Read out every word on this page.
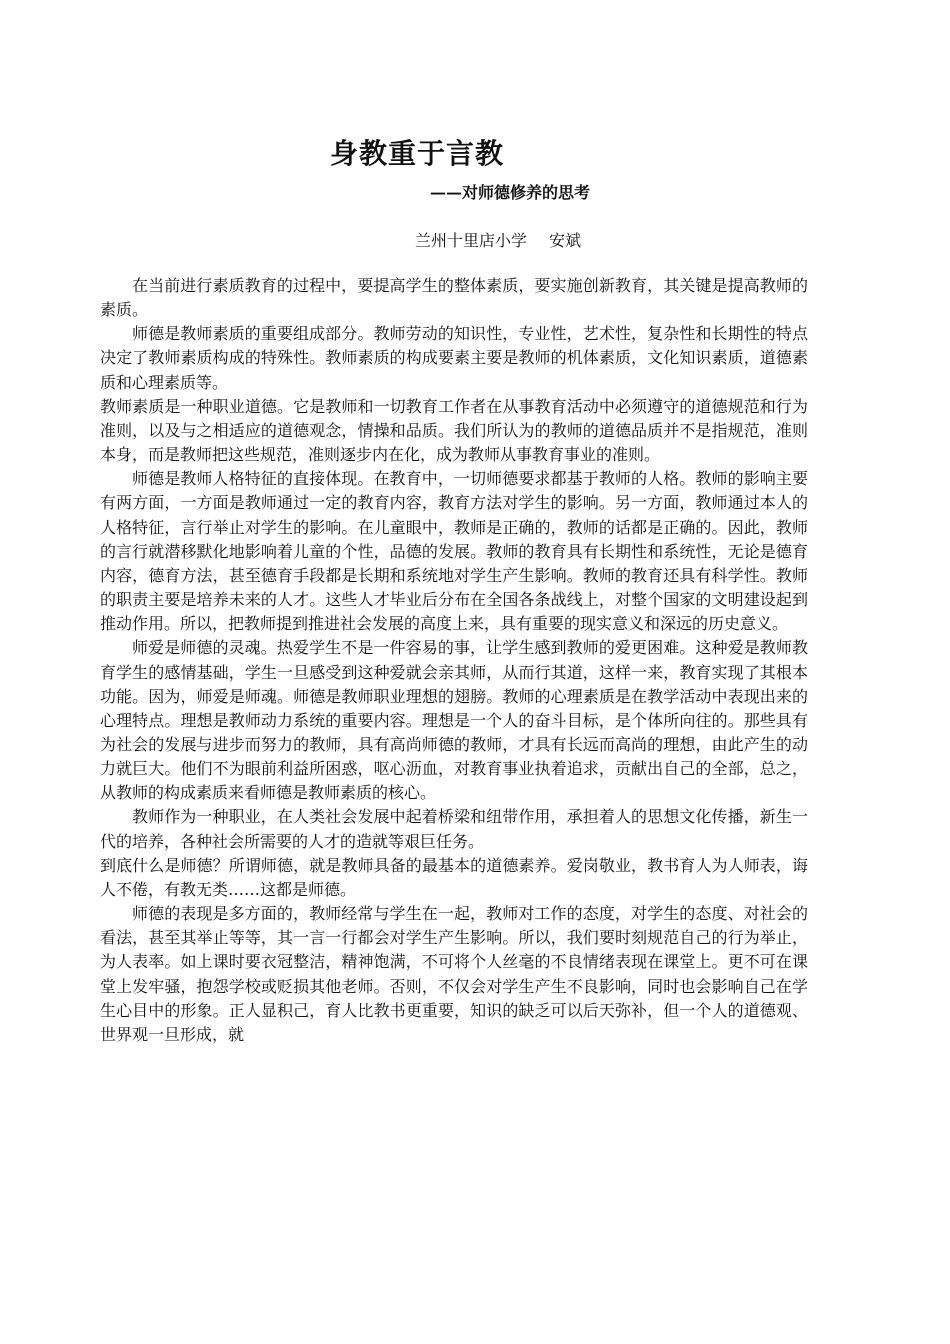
身教重于言教
——对师德修养的思考
兰州十里店小学 安斌

在当前进行素质教育的过程中，要提高学生的整体素质，要实施创新教育，其关键是提高教师的素质。

师德是教师素质的重要组成部分。教师劳动的知识性，专业性，艺术性，复杂性和长期性的特点决定了教师素质构成的特殊性。教师素质的构成要素主要是教师的机体素质，文化知识素质，道德素质和心理素质等。

教师素质是一种职业道德。它是教师和一切教育工作者在从事教育活动中必须遵守的道德规范和行为准则，以及与之相适应的道德观念，情操和品质。我们所认为的教师的道德品质并不是指规范，准则本身，而是教师把这些规范，准则逐步内在化，成为教师从事教育事业的准则。

师德是教师人格特征的直接体现。在教育中，一切师德要求都基于教师的人格。教师的影响主要有两方面，一方面是教师通过一定的教育内容，教育方法对学生的影响。另一方面，教师通过本人的人格特征，言行举止对学生的影响。在儿童眼中，教师是正确的，教师的话都是正确的。因此，教师的言行就潜移默化地影响着儿童的个性，品德的发展。教师的教育具有长期性和系统性，无论是德育内容，德育方法，甚至德育手段都是长期和系统地对学生产生影响。教师的教育还具有科学性。教师的职责主要是培养未来的人才。这些人才毕业后分布在全国各条战线上，对整个国家的文明建设起到推动作用。所以，把教师提到推进社会发展的高度上来，具有重要的现实意义和深远的历史意义。

师爱是师德的灵魂。热爱学生不是一件容易的事，让学生感到教师的爱更困难。这种爱是教师教育学生的感情基础，学生一旦感受到这种爱就会亲其师，从而行其道，这样一来，教育实现了其根本功能。因为，师爱是师魂。师德是教师职业理想的翅膀。教师的心理素质是在教学活动中表现出来的心理特点。理想是教师动力系统的重要内容。理想是一个人的奋斗目标，是个体所向往的。那些具有为社会的发展与进步而努力的教师，具有高尚师德的教师，才具有长远而高尚的理想，由此产生的动力就巨大。他们不为眼前利益所困惑，呕心沥血，对教育事业执着追求，贡献出自己的全部，总之，从教师的构成素质来看师德是教师素质的核心。

教师作为一种职业，在人类社会发展中起着桥梁和纽带作用，承担着人的思想文化传播，新生一代的培养，各种社会所需要的人才的造就等艰巨任务。

到底什么是师德？所谓师德，就是教师具备的最基本的道德素养。爱岗敬业，教书育人为人师表，诲人不倦，有教无类……这都是师德。

师德的表现是多方面的，教师经常与学生在一起，教师对工作的态度，对学生的态度、对社会的看法，甚至其举止等等，其一言一行都会对学生产生影响。所以，我们要时刻规范自己的行为举止，为人表率。如上课时要衣冠整洁，精神饱满，不可将个人丝毫的不良情绪表现在课堂上。更不可在课堂上发牢骚，抱怨学校或贬损其他老师。否则，不仅会对学生产生不良影响，同时也会影响自己在学生心目中的形象。正人显积己，育人比教书更重要，知识的缺乏可以后天弥补，但一个人的道德观、世界观一旦形成，就
